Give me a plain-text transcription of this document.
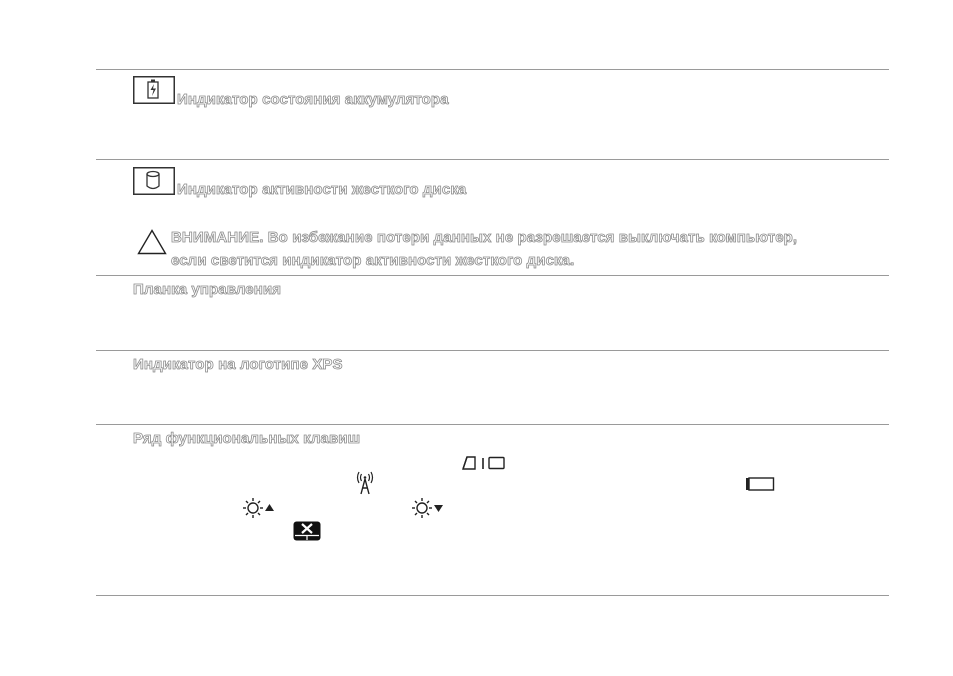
Индикатор состояния аккумулятора
Индикатор активности жесткого диска
ВНИМАНИЕ. Во избежание потери данных не разрешается выключать компьютер,
если светится индикатор активности жесткого диска.
Планка управления
Индикатор на логотипе XPS
Ряд функциональных клавиш
